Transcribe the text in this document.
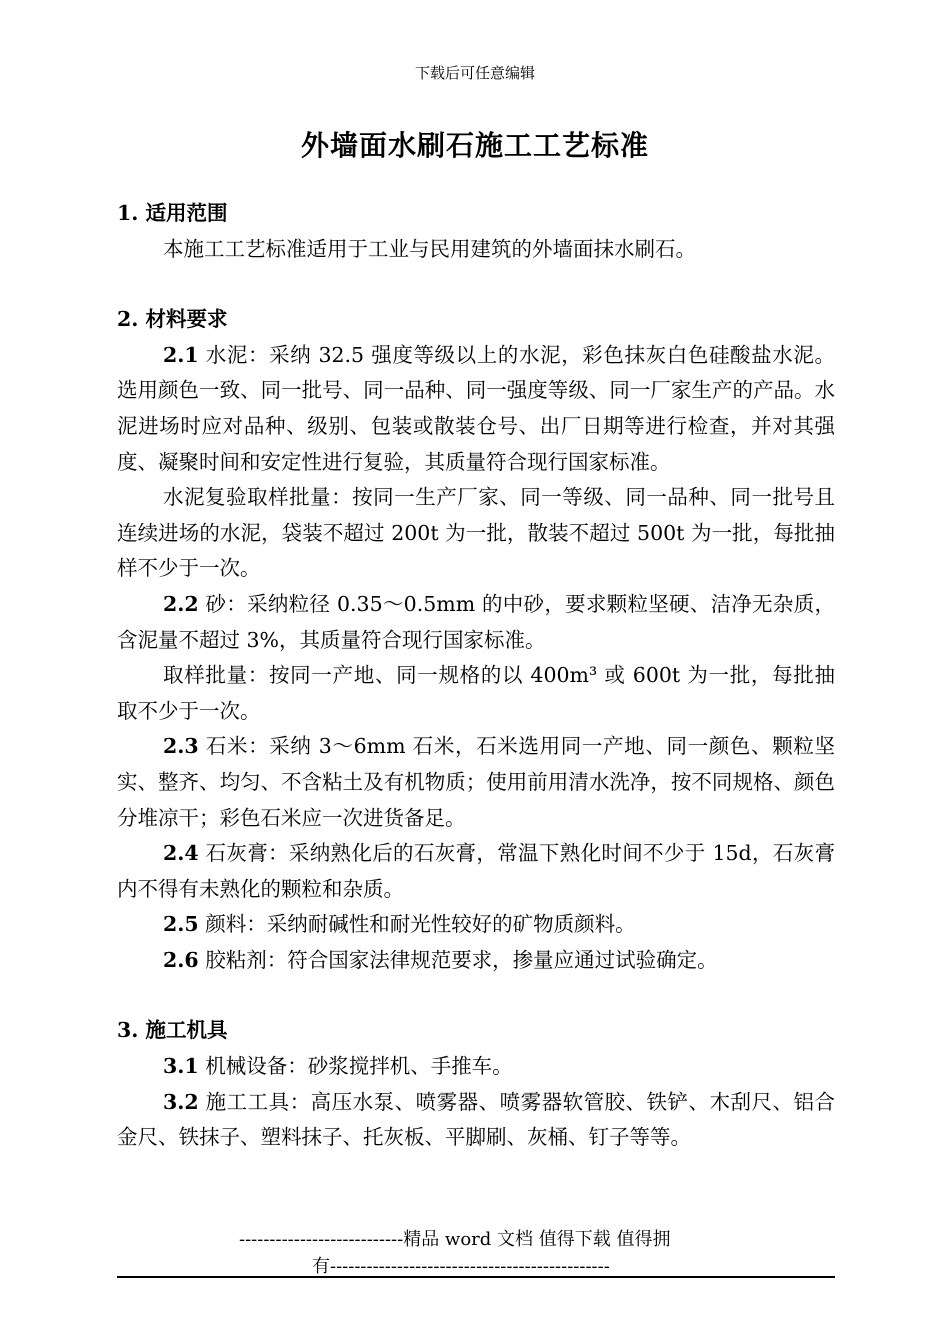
下载后可任意编辑
外墙面水刷石施工工艺标准

1. 适用范围

本施工工艺标准适用于工业与民用建筑的外墙面抹水刷石。

2. 材料要求

2.1 水泥：采纳 32.5 强度等级以上的水泥，彩色抹灰白色硅酸盐水泥。选用颜色一致、同一批号、同一品种、同一强度等级、同一厂家生产的产品。水泥进场时应对品种、级别、包装或散装仓号、出厂日期等进行检查，并对其强度、凝聚时间和安定性进行复验，其质量符合现行国家标准。

水泥复验取样批量：按同一生产厂家、同一等级、同一品种、同一批号且连续进场的水泥，袋装不超过 200t 为一批，散装不超过 500t 为一批，每批抽样不少于一次。

2.2 砂：采纳粒径 0.35～0.5mm 的中砂，要求颗粒坚硬、洁净无杂质，含泥量不超过 3%，其质量符合现行国家标准。

取样批量：按同一产地、同一规格的以 400m³ 或 600t 为一批，每批抽取不少于一次。

2.3 石米：采纳 3～6mm 石米，石米选用同一产地、同一颜色、颗粒坚实、整齐、均匀、不含粘土及有机物质；使用前用清水洗净，按不同规格、颜色分堆凉干；彩色石米应一次进货备足。

2.4 石灰膏：采纳熟化后的石灰膏，常温下熟化时间不少于 15d，石灰膏内不得有未熟化的颗粒和杂质。

2.5 颜料：采纳耐碱性和耐光性较好的矿物质颜料。

2.6 胶粘剂：符合国家法律规范要求，掺量应通过试验确定。

3. 施工机具

3.1 机械设备：砂浆搅拌机、手推车。

3.2 施工工具：高压水泵、喷雾器、喷雾器软管胶、铁铲、木刮尺、铝合金尺、铁抹子、塑料抹子、托灰板、平脚刷、灰桶、钉子等等。

---------------------------精品 word 文档 值得下载 值得拥
有----------------------------------------------
